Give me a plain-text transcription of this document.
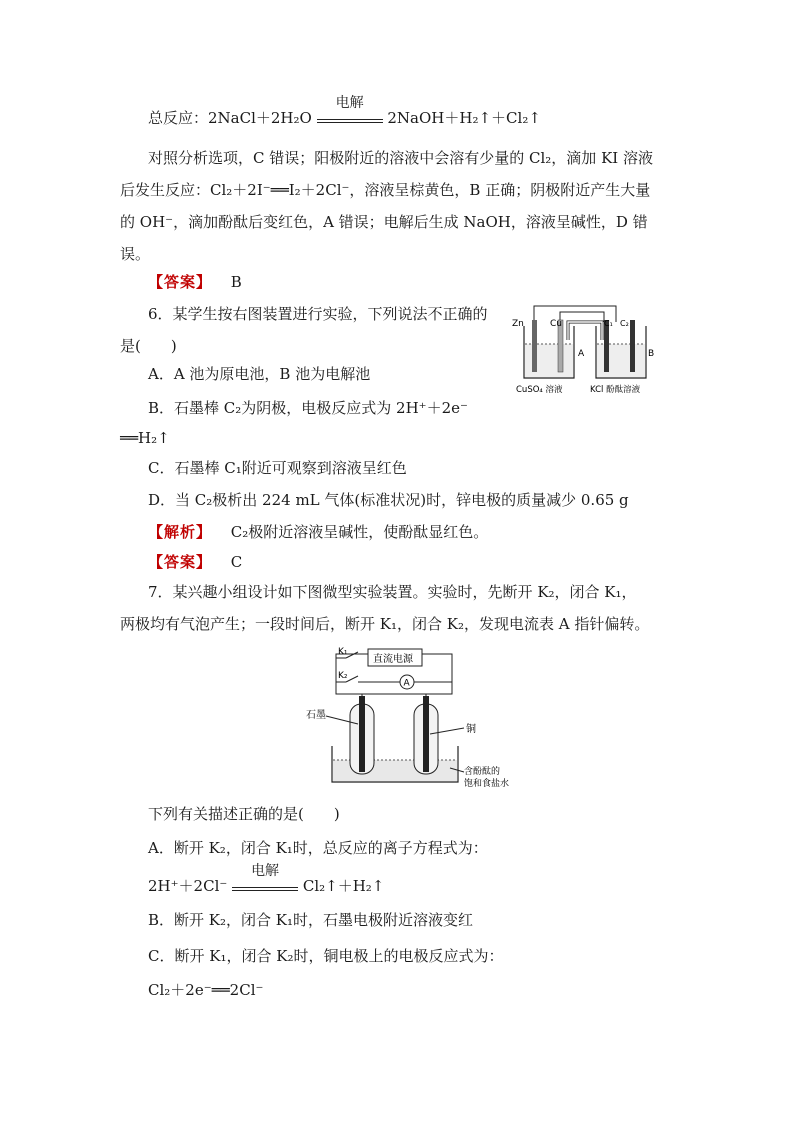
总反应：2NaCl＋2H₂O
电解
2NaOH＋H₂↑＋Cl₂↑
对照分析选项，C 错误；阳极附近的溶液中会溶有少量的 Cl₂，滴加 KI 溶液
后发生反应：Cl₂＋2I⁻══I₂＋2Cl⁻，溶液呈棕黄色，B 正确；阴极附近产生大量
的 OH⁻，滴加酚酞后变红色，A 错误；电解后生成 NaOH，溶液呈碱性，D 错
误。
【答案】 B
6．某学生按右图装置进行实验，下列说法不正确的
是(　　)
Zn	Cu	C₁ C₂
A	B
CuSO₄ 溶液	KCl 酚酞溶液
A．A 池为原电池，B 池为电解池
B．石墨棒 C₂为阴极，电极反应式为 2H⁺＋2e⁻
══H₂↑
C．石墨棒 C₁附近可观察到溶液呈红色
D．当 C₂极析出 224 mL 气体(标准状况)时，锌电极的质量减少 0.65 g
【解析】 C₂极附近溶液呈碱性，使酚酞显红色。
【答案】 C
7．某兴趣小组设计如下图微型实验装置。实验时，先断开 K₂，闭合 K₁，
两极均有气泡产生；一段时间后，断开 K₁，闭合 K₂，发现电流表 A 指针偏转。
直流电源
A
K₁
K₂
石墨
铜
含酚酞的
饱和食盐水
下列有关描述正确的是(　　)
A．断开 K₂，闭合 K₁时，总反应的离子方程式为：
2H⁺＋2Cl⁻
电解
Cl₂↑＋H₂↑
B．断开 K₂，闭合 K₁时，石墨电极附近溶液变红
C．断开 K₁，闭合 K₂时，铜电极上的电极反应式为：
Cl₂＋2e⁻══2Cl⁻
